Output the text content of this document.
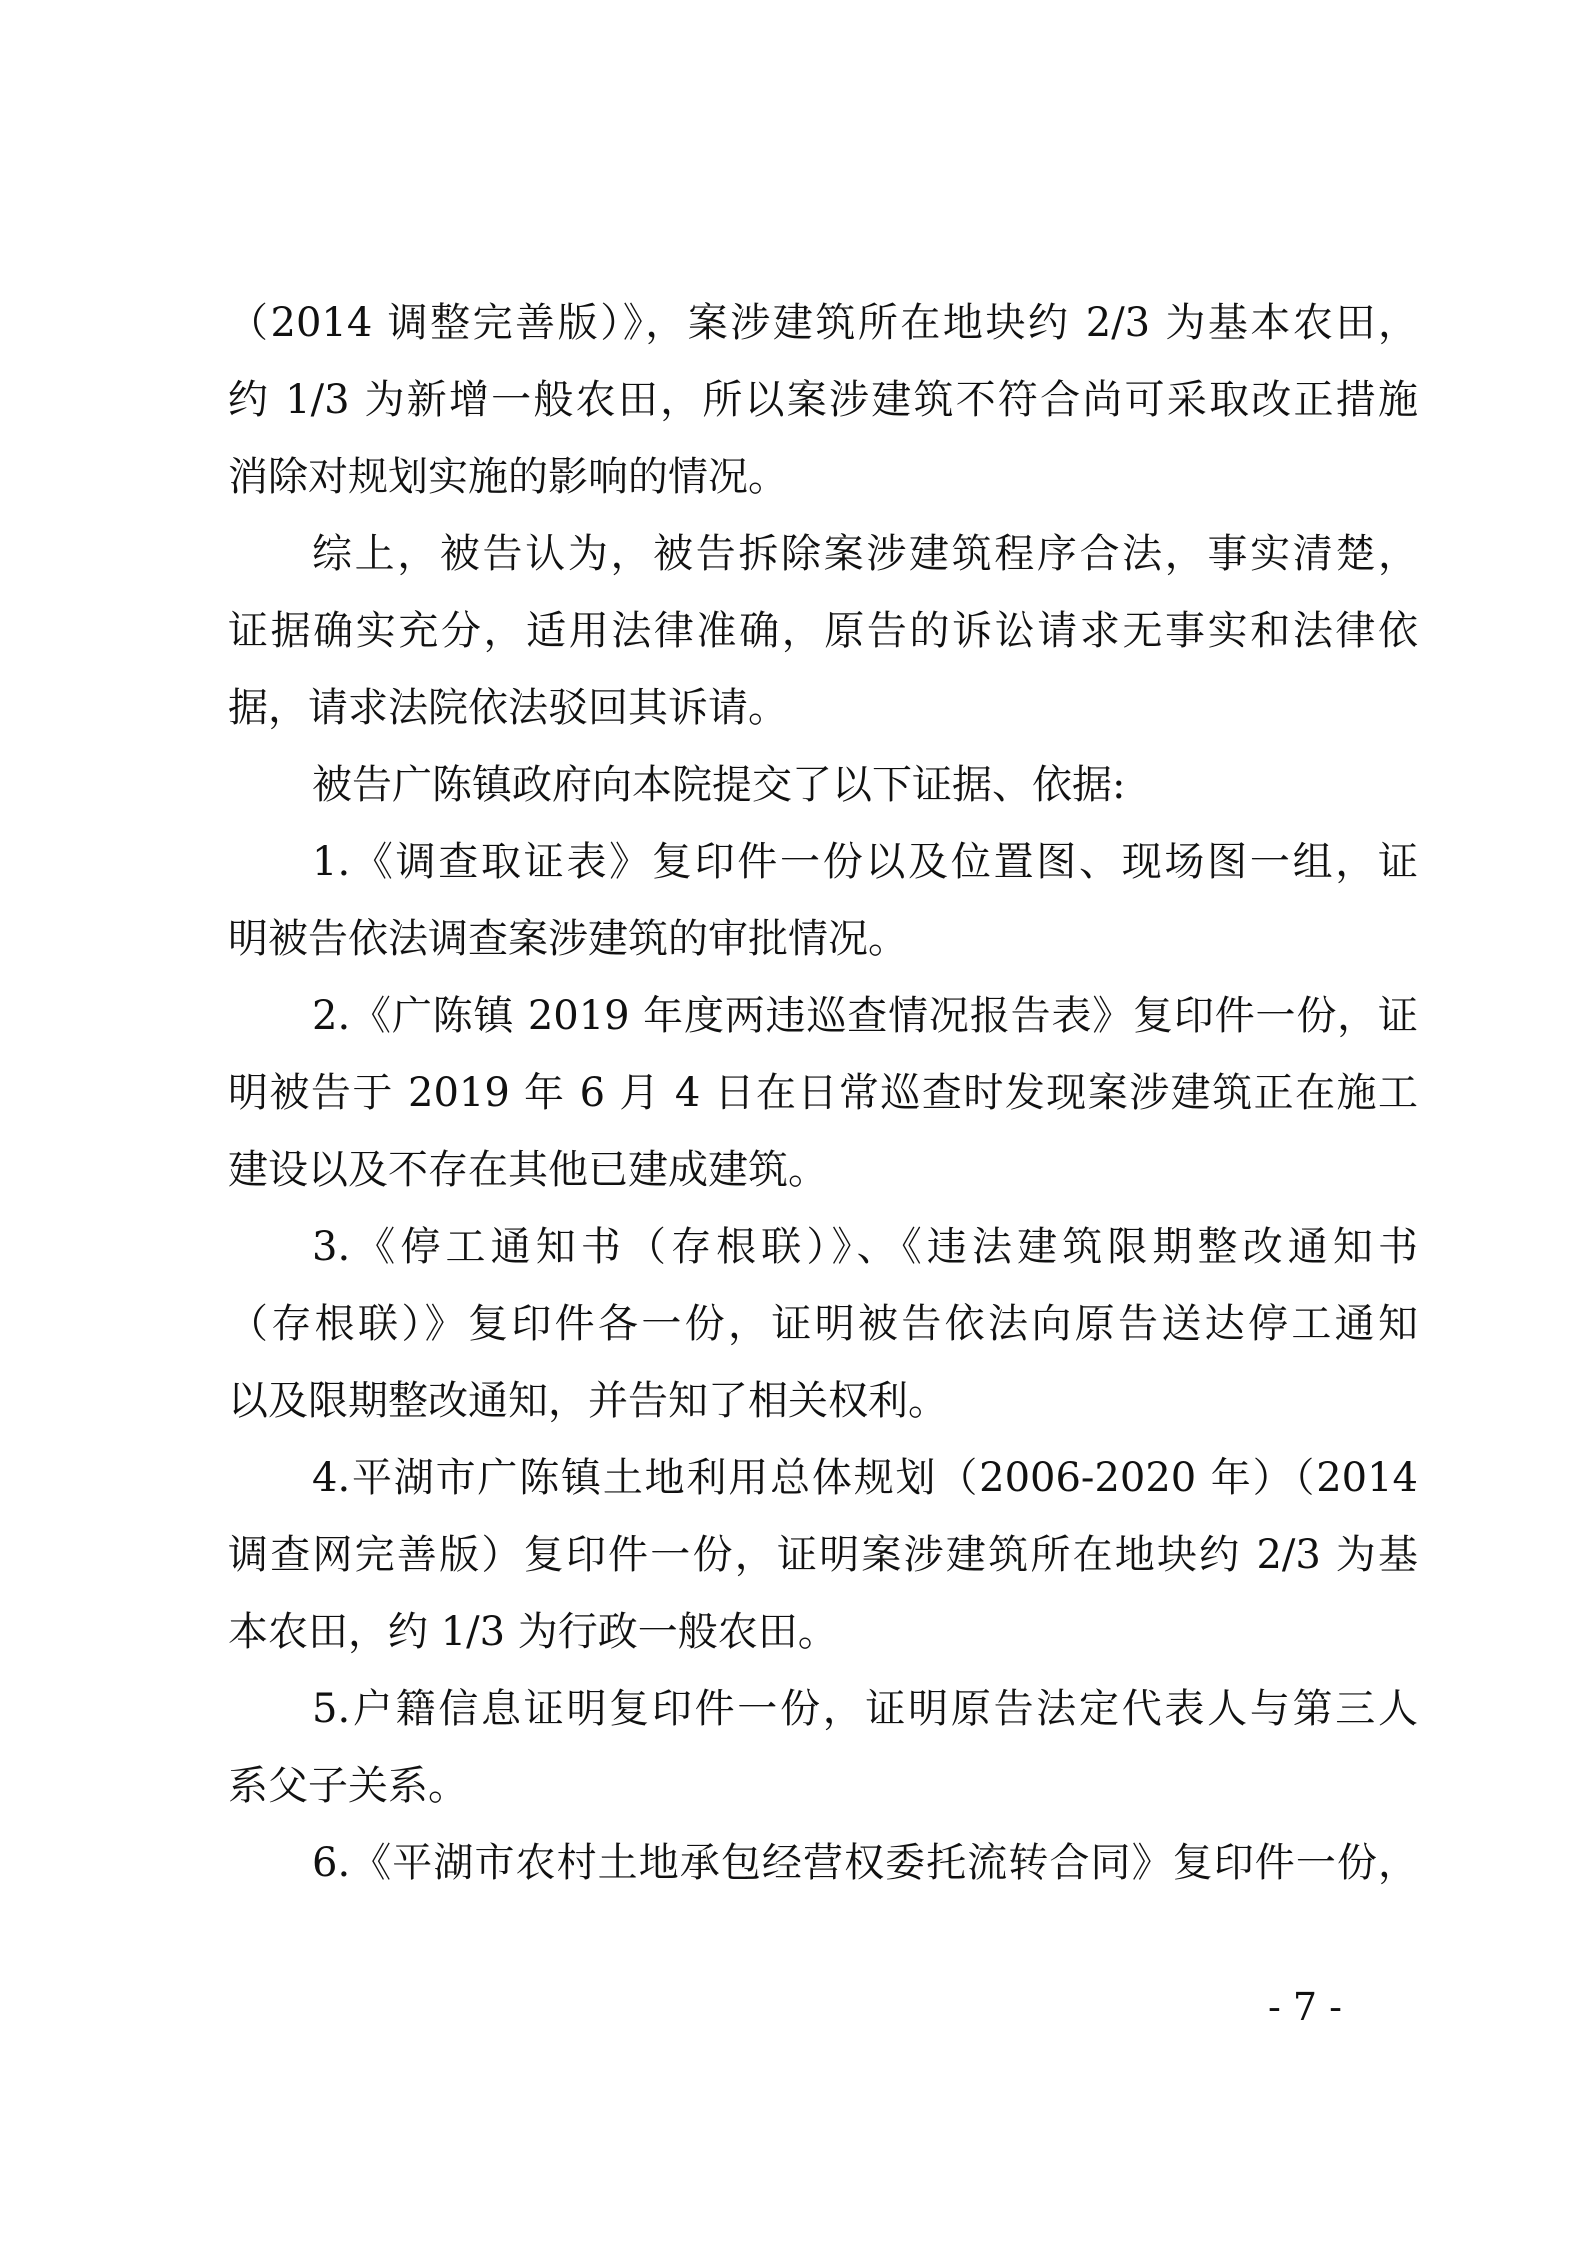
（2014 调整完善版）》，案涉建筑所在地块约 2/3 为基本农田，
约 1/3 为新增一般农田，所以案涉建筑不符合尚可采取改正措施
消除对规划实施的影响的情况。
综上，被告认为，被告拆除案涉建筑程序合法，事实清楚，
证据确实充分，适用法律准确，原告的诉讼请求无事实和法律依
据，请求法院依法驳回其诉请。
被告广陈镇政府向本院提交了以下证据、依据:
1.《调查取证表》复印件一份以及位置图、现场图一组，证
明被告依法调查案涉建筑的审批情况。
2.《广陈镇 2019 年度两违巡查情况报告表》复印件一份，证
明被告于 2019 年 6 月 4 日在日常巡查时发现案涉建筑正在施工
建设以及不存在其他已建成建筑。
3.《停工通知书（存根联）》、《违法建筑限期整改通知书
（存根联）》复印件各一份，证明被告依法向原告送达停工通知
以及限期整改通知，并告知了相关权利。
4.平湖市广陈镇土地利用总体规划（2006-2020 年）（2014
调查网完善版）复印件一份，证明案涉建筑所在地块约 2/3 为基
本农田，约 1/3 为行政一般农田。
5.户籍信息证明复印件一份，证明原告法定代表人与第三人
系父子关系。
6.《平湖市农村土地承包经营权委托流转合同》复印件一份，
- 7 -
